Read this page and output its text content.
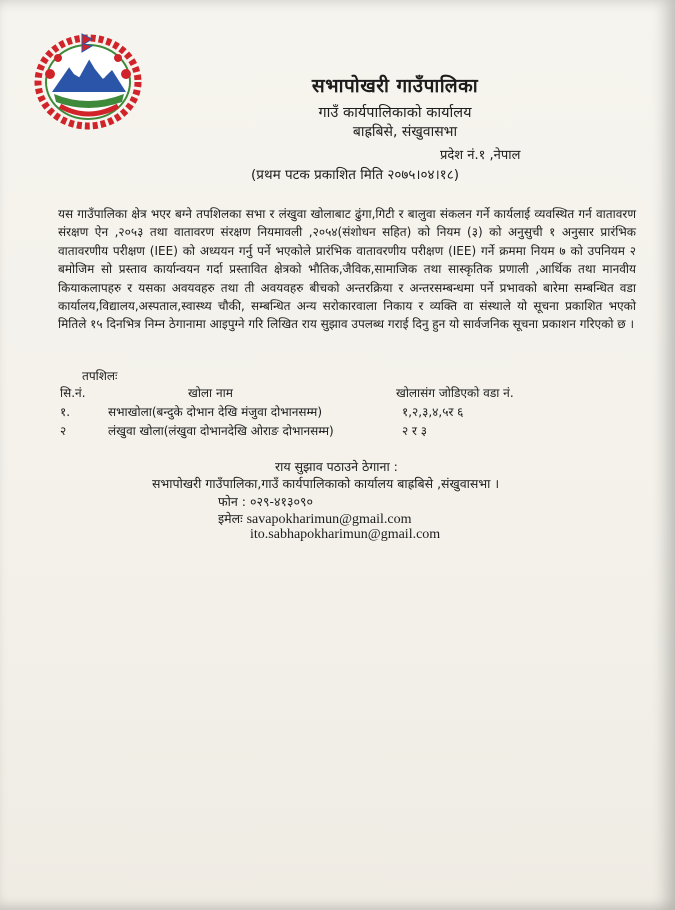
सभापोखरी गाउँपालिका
गाउँ कार्यपालिकाको कार्यालय
बाह्रबिसे, संखुवासभा
प्रदेश नं.१ ,नेपाल
(प्रथम पटक प्रकाशित मिति २०७५।०४।१८)
यस गाउँपालिका क्षेत्र भएर बग्ने तपशिलका सभा र लंखुवा खोलाबाट ढुंगा,गिटी र बालुवा संकलन गर्ने कार्यलाई व्यवस्थित गर्न वातावरण संरक्षण ऐन ,२०५३ तथा वातावरण संरक्षण नियमावली ,२०५४(संशोधन सहित) को नियम (३) को अनुसुची १ अनुसार प्रारंभिक वातावरणीय परीक्षण (IEE) को अध्ययन गर्नु पर्ने भएकोले प्रारंभिक वातावरणीय परीक्षण (IEE) गर्ने क्रममा नियम ७ को उपनियम २ बमोजिम सो प्रस्ताव कार्यान्वयन गर्दा प्रस्तावित क्षेत्रको भौतिक,जैविक,सामाजिक तथा सास्कृतिक प्रणाली ,आर्थिक तथा मानवीय कियाकलापहरु र यसका अवयवहरु तथा ती अवयवहरु बीचको अन्तरक्रिया र अन्तरसम्बन्धमा पर्ने प्रभावको बारेमा सम्बन्धित वडा कार्यालय,विद्यालय,अस्पताल,स्वास्थ्य चौकी, सम्बन्धित अन्य सरोकारवाला निकाय र व्यक्ति वा संस्थाले यो सूचना प्रकाशित भएको मितिले १५ दिनभित्र निम्न ठेगानामा आइपुग्ने गरि लिखित राय सुझाव उपलब्ध गराई दिनु हुन यो सार्वजनिक सूचना प्रकाशन गरिएको छ ।
तपशिलः
सि.नं.	खोला नाम	खोलासंग जोडिएको वडा नं.
१.	सभाखोला(बन्दुके दोभान देखि मंजुवा दोभानसम्म)	१,२,३,४,५र ६
२	लंखुवा खोला(लंखुवा दोभानदेखि ओराङ दोभानसम्म)	२ र ३
राय सुझाव पठाउने ठेगाना :
सभापोखरी गाउँपालिका,गाउँ कार्यपालिकाको कार्यालय बाह्रबिसे ,संखुवासभा ।
फोन : ०२९-४१३०९०
इमेलः savapokharimun@gmail.com
ito.sabhapokharimun@gmail.com
